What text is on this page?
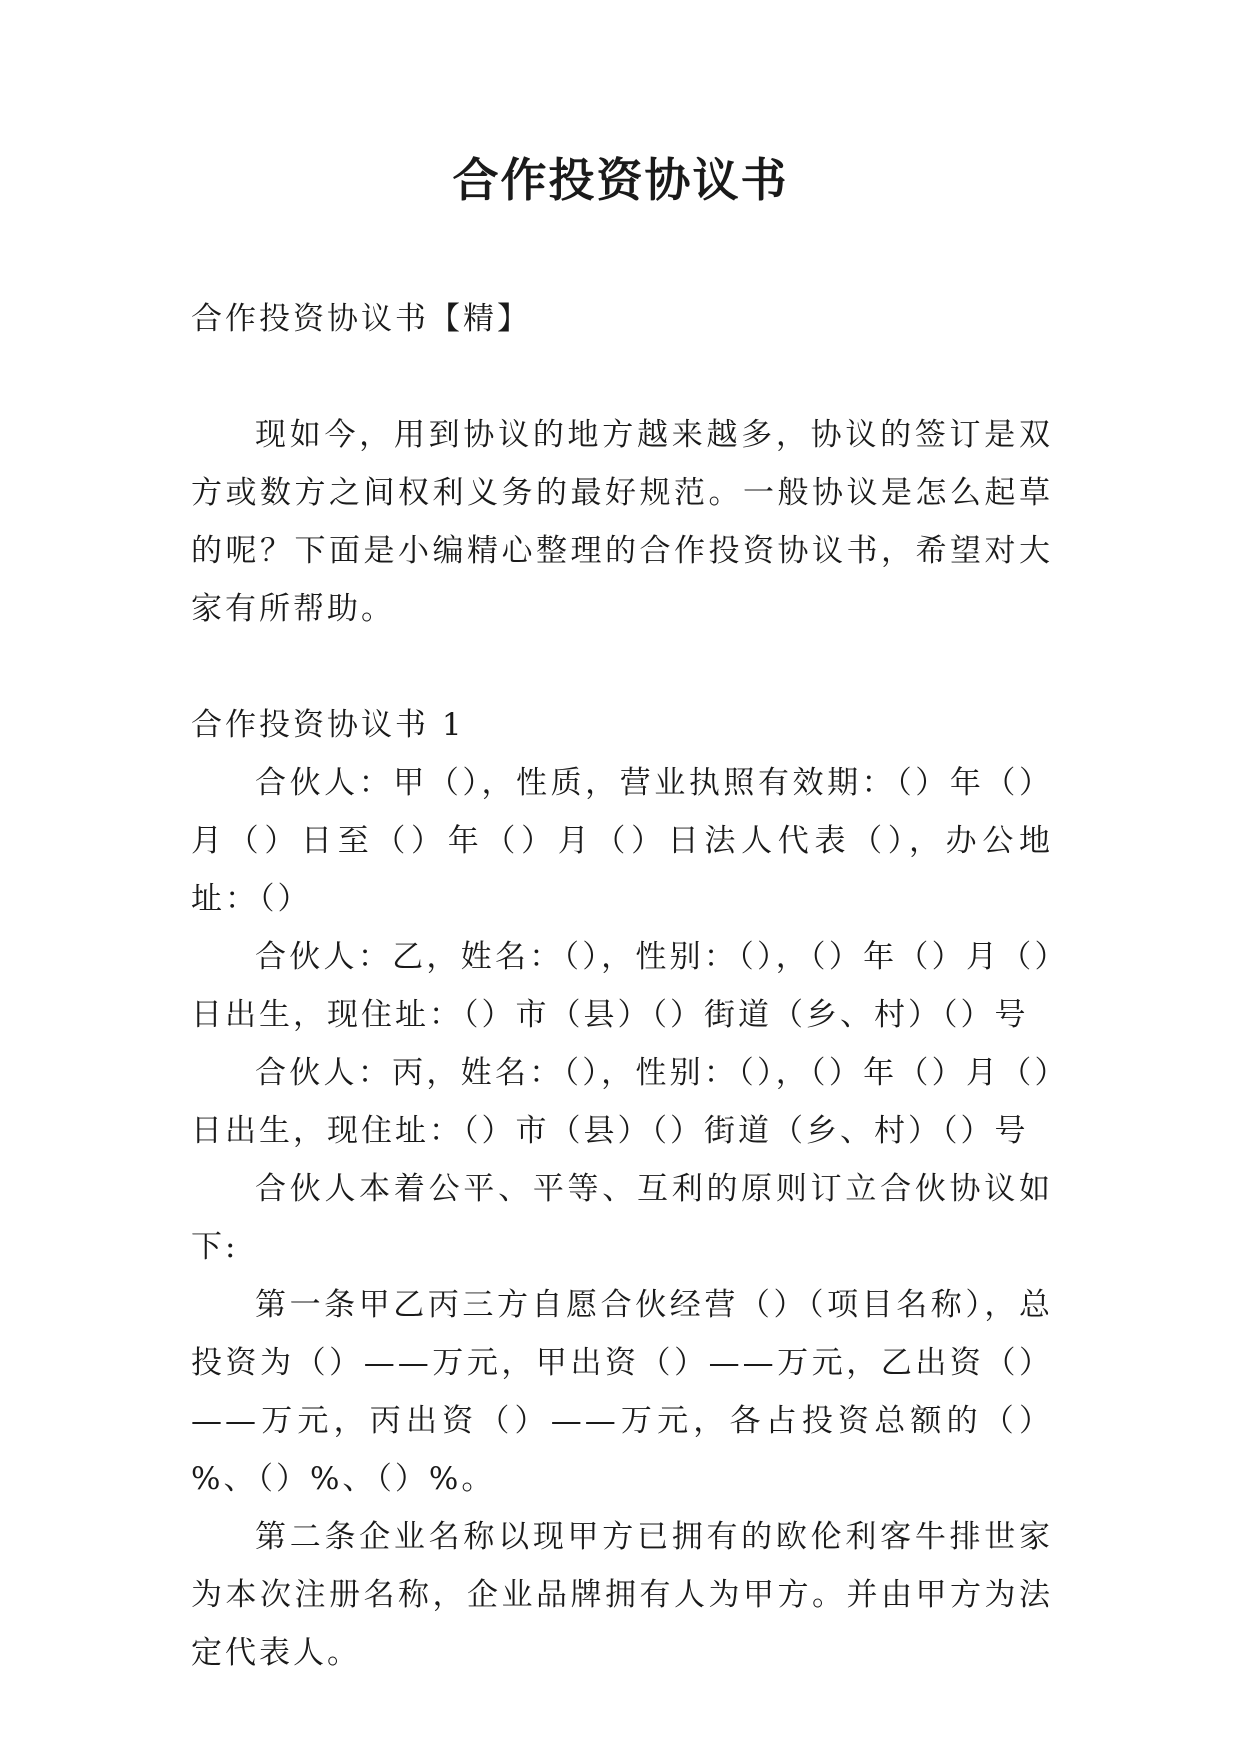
合作投资协议书

合作投资协议书【精】

现如今，用到协议的地方越来越多，协议的签订是双方或数方之间权利义务的最好规范。一般协议是怎么起草的呢？下面是小编精心整理的合作投资协议书，希望对大家有所帮助。

合作投资协议书 1

合伙人：甲（），性质，营业执照有效期：（）年（）月（）日至（）年（）月（）日法人代表（），办公地址：（）

合伙人：乙，姓名：（），性别：（），（）年（）月（）日出生，现住址：（）市（县）（）街道（乡、村）（）号

合伙人：丙，姓名：（），性别：（），（）年（）月（）日出生，现住址：（）市（县）（）街道（乡、村）（）号

合伙人本着公平、平等、互利的原则订立合伙协议如下:

第一条甲乙丙三方自愿合伙经营（）（项目名称），总投资为（）——万元，甲出资（）——万元，乙出资（）——万元，丙出资（）——万元，各占投资总额的（）%、（）%、（）%。

第二条企业名称以现甲方已拥有的欧伦利客牛排世家为本次注册名称，企业品牌拥有人为甲方。并由甲方为法定代表人。
